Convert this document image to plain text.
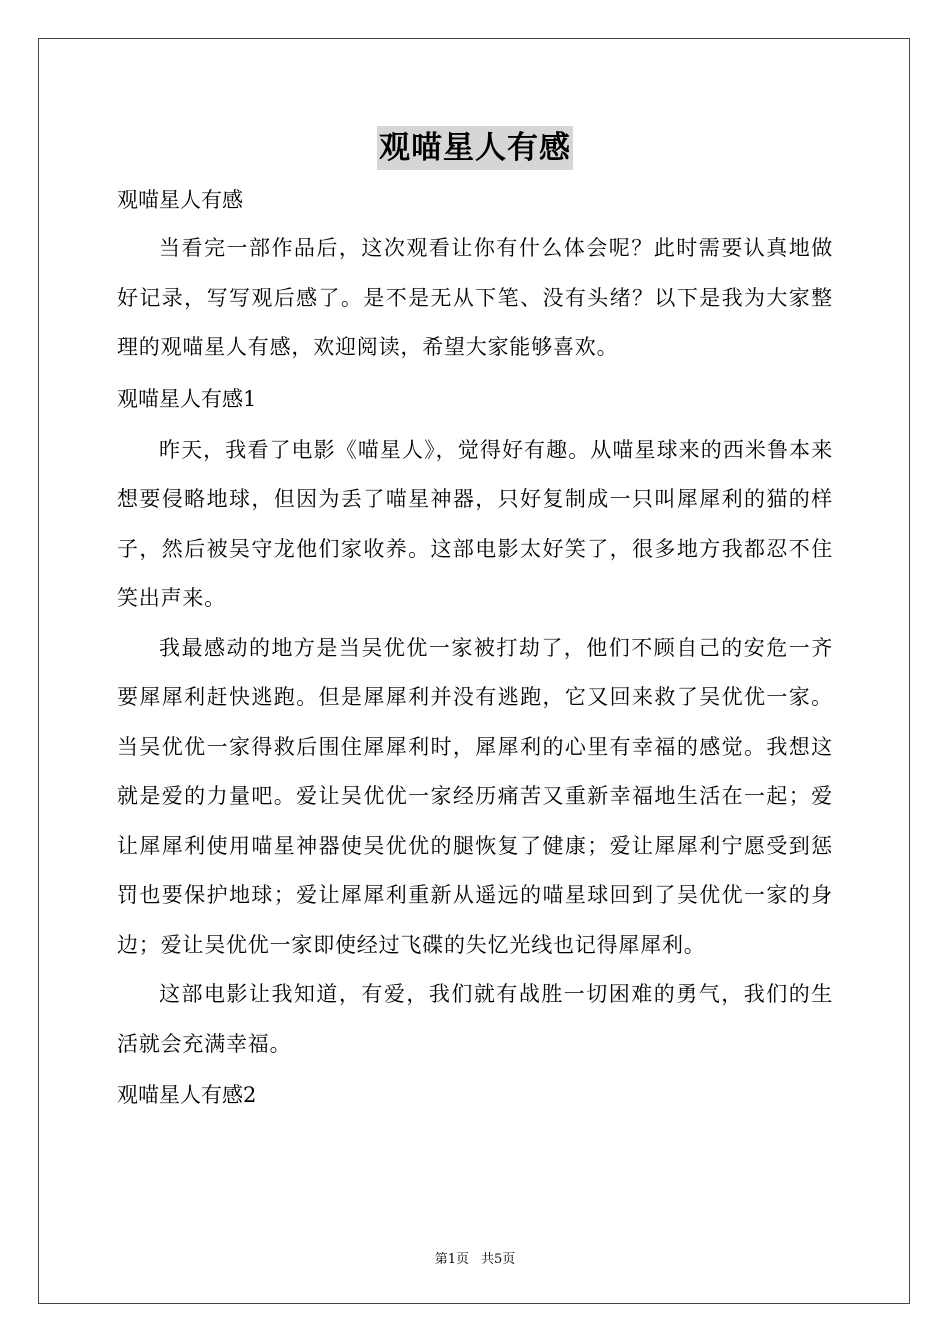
观喵星人有感

观喵星人有感

当看完一部作品后，这次观看让你有什么体会呢？此时需要认真地做好记录，写写观后感了。是不是无从下笔、没有头绪？以下是我为大家整理的观喵星人有感，欢迎阅读，希望大家能够喜欢。

观喵星人有感1

昨天，我看了电影《喵星人》，觉得好有趣。从喵星球来的西米鲁本来想要侵略地球，但因为丢了喵星神器，只好复制成一只叫犀犀利的猫的样子，然后被吴守龙他们家收养。这部电影太好笑了，很多地方我都忍不住笑出声来。

我最感动的地方是当吴优优一家被打劫了，他们不顾自己的安危一齐要犀犀利赶快逃跑。但是犀犀利并没有逃跑，它又回来救了吴优优一家。当吴优优一家得救后围住犀犀利时，犀犀利的心里有幸福的感觉。我想这就是爱的力量吧。爱让吴优优一家经历痛苦又重新幸福地生活在一起；爱让犀犀利使用喵星神器使吴优优的腿恢复了健康；爱让犀犀利宁愿受到惩罚也要保护地球；爱让犀犀利重新从遥远的喵星球回到了吴优优一家的身边；爱让吴优优一家即使经过飞碟的失忆光线也记得犀犀利。

这部电影让我知道，有爱，我们就有战胜一切困难的勇气，我们的生活就会充满幸福。

观喵星人有感2

第1页 共5页
